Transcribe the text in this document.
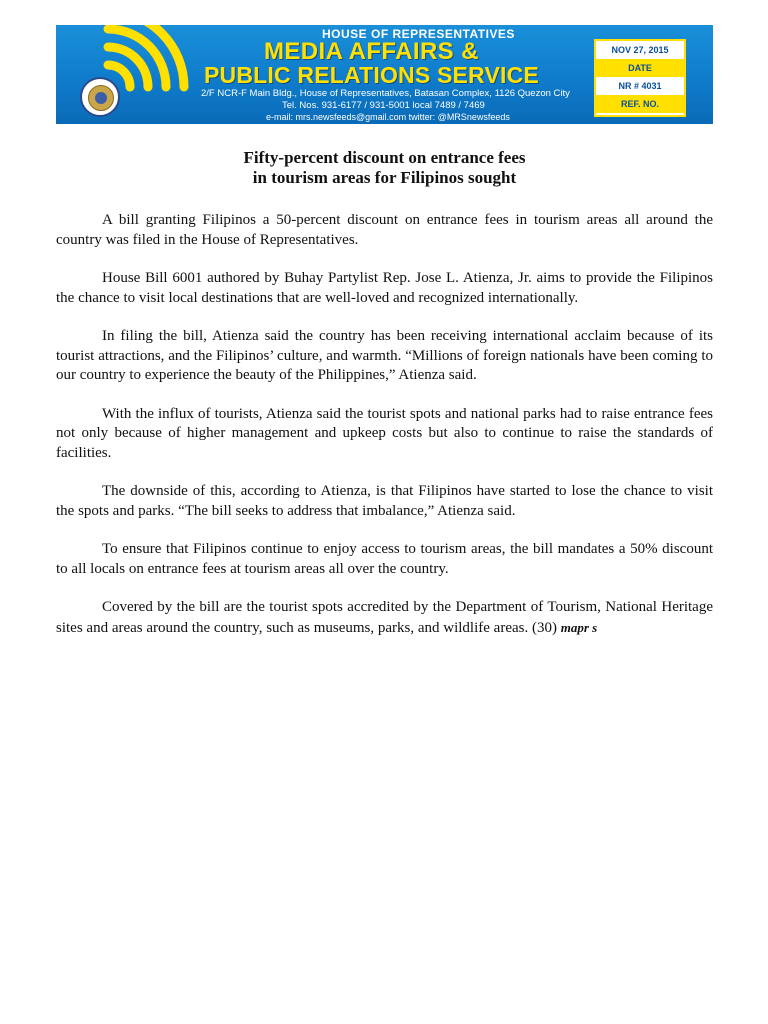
HOUSE OF REPRESENTATIVES
MEDIA AFFAIRS &
PUBLIC RELATIONS SERVICE
2/F NCR-F Main Bldg., House of Representatives, Batasan Complex, 1126 Quezon City
Tel. Nos. 931-6177 / 931-5001 local 7489 / 7469
e-mail: mrs.newsfeeds@gmail.com twitter: @MRSnewsfeeds
NOV 27, 2015
DATE
NR # 4031
REF. NO.
Fifty-percent discount on entrance fees
in tourism areas for Filipinos sought

A bill granting Filipinos a 50-percent discount on entrance fees in tourism areas all around the country was filed in the House of Representatives.

House Bill 6001 authored by Buhay Partylist Rep. Jose L. Atienza, Jr. aims to provide the Filipinos the chance to visit local destinations that are well-loved and recognized internationally.

In filing the bill, Atienza said the country has been receiving international acclaim because of its tourist attractions, and the Filipinos’ culture, and warmth. “Millions of foreign nationals have been coming to our country to experience the beauty of the Philippines,” Atienza said.

With the influx of tourists, Atienza said the tourist spots and national parks had to raise entrance fees not only because of higher management and upkeep costs but also to continue to raise the standards of facilities.

The downside of this, according to Atienza, is that Filipinos have started to lose the chance to visit the spots and parks. “The bill seeks to address that imbalance,” Atienza said.

To ensure that Filipinos continue to enjoy access to tourism areas, the bill mandates a 50% discount to all locals on entrance fees at tourism areas all over the country.

Covered by the bill are the tourist spots accredited by the Department of Tourism, National Heritage sites and areas around the country, such as museums, parks, and wildlife areas. (30) mapr s
